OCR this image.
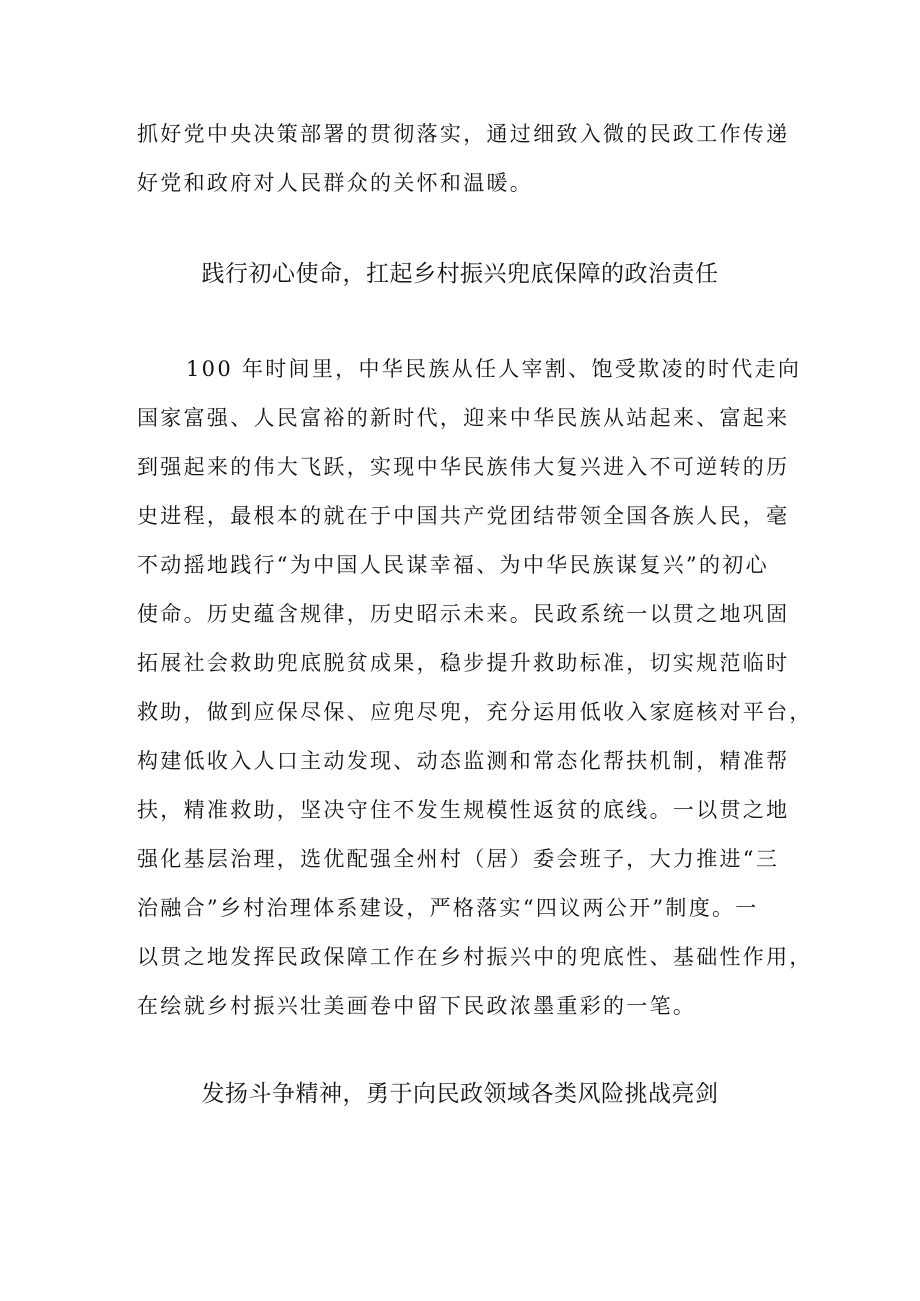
抓好党中央决策部署的贯彻落实，通过细致入微的民政工作传递
好党和政府对人民群众的关怀和温暖。
践行初心使命，扛起乡村振兴兜底保障的政治责任
100 年时间里，中华民族从任人宰割、饱受欺凌的时代走向
国家富强、人民富裕的新时代，迎来中华民族从站起来、富起来
到强起来的伟大飞跃，实现中华民族伟大复兴进入不可逆转的历
史进程，最根本的就在于中国共产党团结带领全国各族人民，毫
不动摇地践行“为中国人民谋幸福、为中华民族谋复兴”的初心
使命。历史蕴含规律，历史昭示未来。民政系统一以贯之地巩固
拓展社会救助兜底脱贫成果，稳步提升救助标准，切实规范临时
救助，做到应保尽保、应兜尽兜，充分运用低收入家庭核对平台，
构建低收入人口主动发现、动态监测和常态化帮扶机制，精准帮
扶，精准救助，坚决守住不发生规模性返贫的底线。一以贯之地
强化基层治理，选优配强全州村（居）委会班子，大力推进“三
治融合”乡村治理体系建设，严格落实“四议两公开”制度。一
以贯之地发挥民政保障工作在乡村振兴中的兜底性、基础性作用，
在绘就乡村振兴壮美画卷中留下民政浓墨重彩的一笔。
发扬斗争精神，勇于向民政领域各类风险挑战亮剑
